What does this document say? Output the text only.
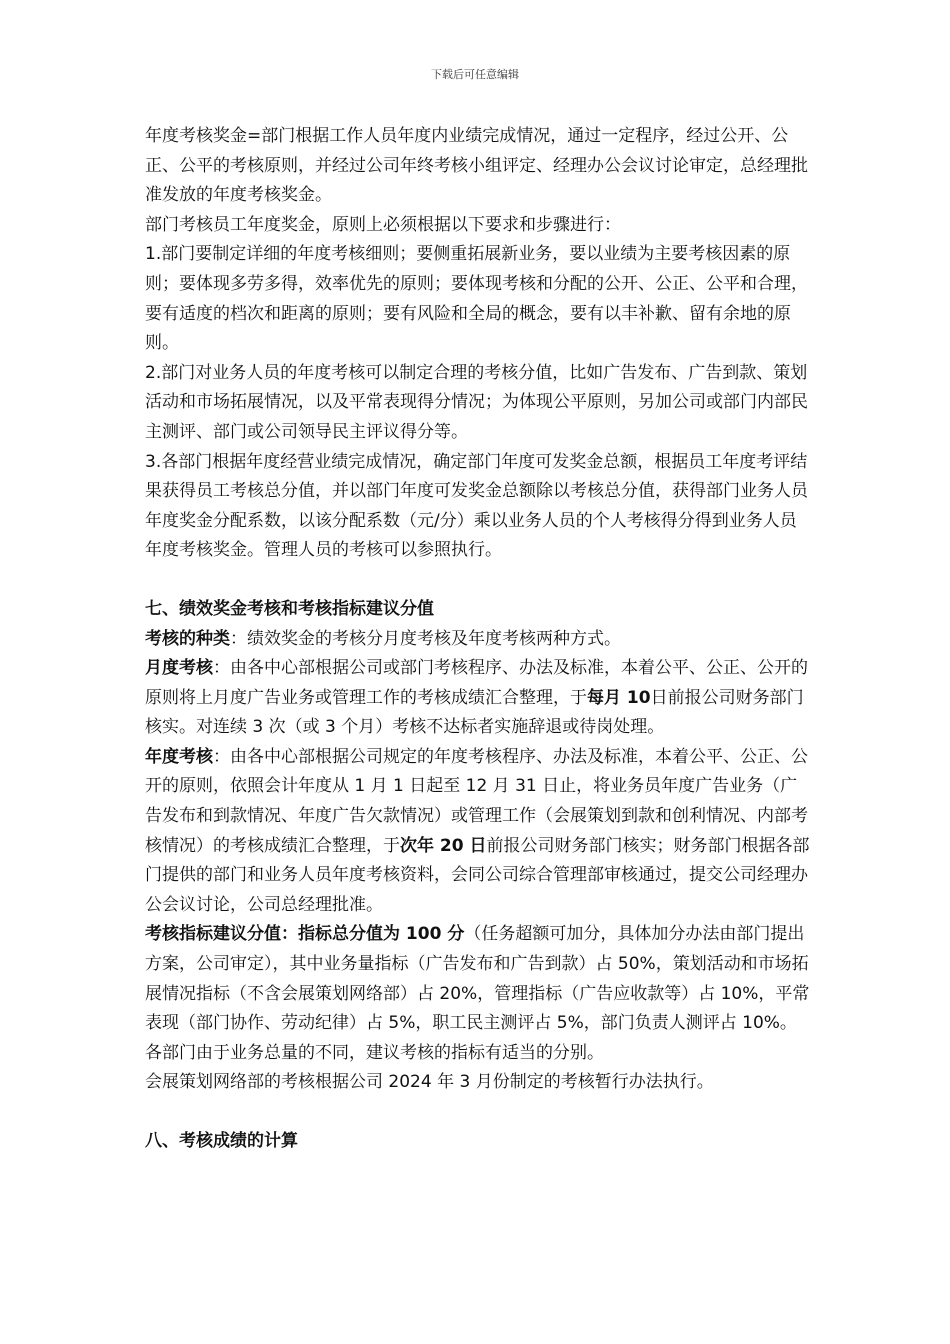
下载后可任意编辑

年度考核奖金=部门根据工作人员年度内业绩完成情况，通过一定程序，经过公开、公正、公平的考核原则，并经过公司年终考核小组评定、经理办公会议讨论审定，总经理批准发放的年度考核奖金。

部门考核员工年度奖金，原则上必须根据以下要求和步骤进行：

1.部门要制定详细的年度考核细则；要侧重拓展新业务，要以业绩为主要考核因素的原则；要体现多劳多得，效率优先的原则；要体现考核和分配的公开、公正、公平和合理，要有适度的档次和距离的原则；要有风险和全局的概念，要有以丰补歉、留有余地的原则。

2.部门对业务人员的年度考核可以制定合理的考核分值，比如广告发布、广告到款、策划活动和市场拓展情况，以及平常表现得分情况；为体现公平原则，另加公司或部门内部民主测评、部门或公司领导民主评议得分等。

3.各部门根据年度经营业绩完成情况，确定部门年度可发奖金总额，根据员工年度考评结果获得员工考核总分值，并以部门年度可发奖金总额除以考核总分值，获得部门业务人员年度奖金分配系数，以该分配系数（元/分）乘以业务人员的个人考核得分得到业务人员年度考核奖金。管理人员的考核可以参照执行。

七、绩效奖金考核和考核指标建议分值

考核的种类：绩效奖金的考核分月度考核及年度考核两种方式。

月度考核：由各中心部根据公司或部门考核程序、办法及标准，本着公平、公正、公开的原则将上月度广告业务或管理工作的考核成绩汇合整理，于每月 10日前报公司财务部门核实。对连续 3 次（或 3 个月）考核不达标者实施辞退或待岗处理。

年度考核：由各中心部根据公司规定的年度考核程序、办法及标准，本着公平、公正、公开的原则，依照会计年度从 1 月 1 日起至 12 月 31 日止，将业务员年度广告业务（广告发布和到款情况、年度广告欠款情况）或管理工作（会展策划到款和创利情况、内部考核情况）的考核成绩汇合整理，于次年 20 日前报公司财务部门核实；财务部门根据各部门提供的部门和业务人员年度考核资料，会同公司综合管理部审核通过，提交公司经理办公会议讨论，公司总经理批准。

考核指标建议分值：指标总分值为 100 分（任务超额可加分，具体加分办法由部门提出方案，公司审定），其中业务量指标（广告发布和广告到款）占 50%，策划活动和市场拓展情况指标（不含会展策划网络部）占 20%，管理指标（广告应收款等）占 10%，平常表现（部门协作、劳动纪律）占 5%，职工民主测评占 5%，部门负责人测评占 10%。

各部门由于业务总量的不同，建议考核的指标有适当的分别。

会展策划网络部的考核根据公司 2024 年 3 月份制定的考核暂行办法执行。

八、考核成绩的计算
